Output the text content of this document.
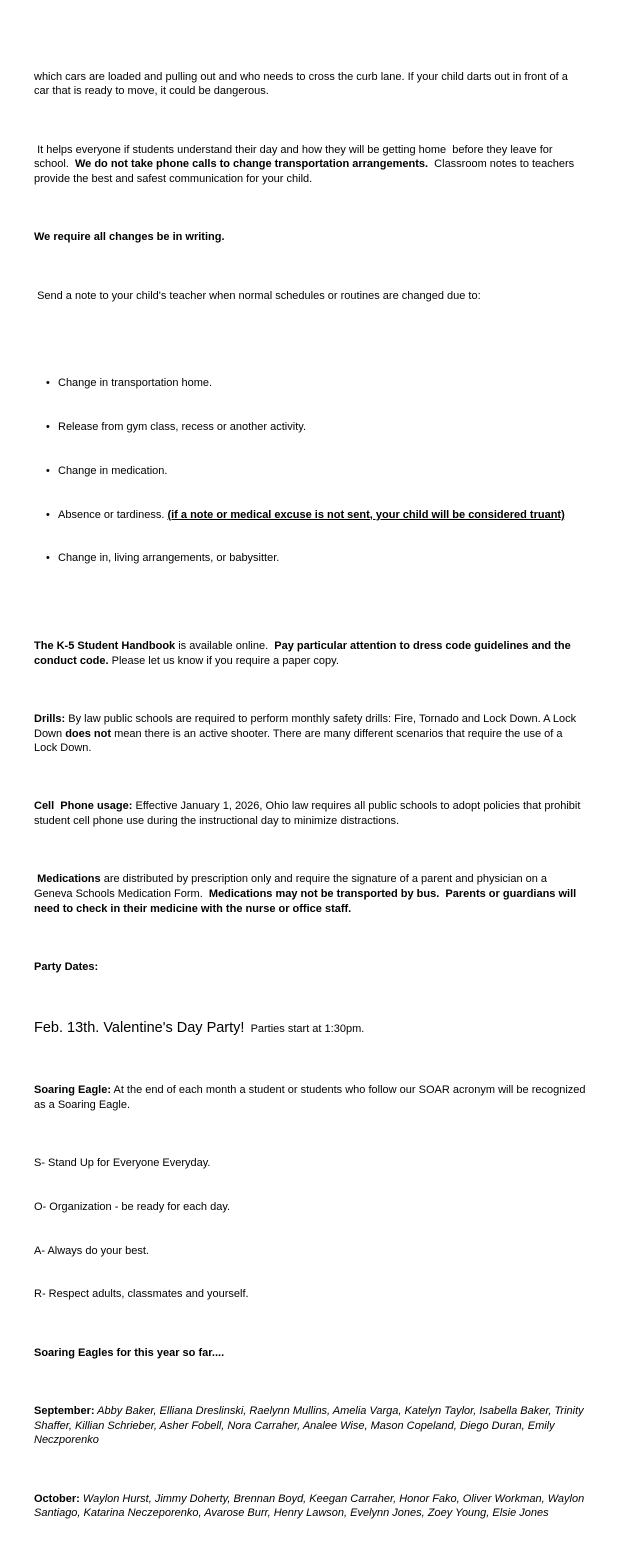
which cars are loaded and pulling out and who needs to cross the curb lane. If your child darts out in front of a car that is ready to move, it could be dangerous.

It helps everyone if students understand their day and how they will be getting home  before they leave for school.  We do not take phone calls to change transportation arrangements.  Classroom notes to teachers provide the best and safest communication for your child.

We require all changes be in writing.

Send a note to your child's teacher when normal schedules or routines are changed due to:

• Change in transportation home.

• Release from gym class, recess or another activity.

• Change in medication.

• Absence or tardiness. (if a note or medical excuse is not sent, your child will be considered truant)

• Change in, living arrangements, or babysitter.

The K-5 Student Handbook is available online.  Pay particular attention to dress code guidelines and the conduct code. Please let us know if you require a paper copy.

Drills: By law public schools are required to perform monthly safety drills: Fire, Tornado and Lock Down. A Lock Down does not mean there is an active shooter. There are many different scenarios that require the use of a Lock Down.

Cell  Phone usage: Effective January 1, 2026, Ohio law requires all public schools to adopt policies that prohibit student cell phone use during the instructional day to minimize distractions.

Medications are distributed by prescription only and require the signature of a parent and physician on a Geneva Schools Medication Form.  Medications may not be transported by bus.  Parents or guardians will need to check in their medicine with the nurse or office staff.

Party Dates:

Feb. 13th. Valentine's Day Party!  Parties start at 1:30pm.

Soaring Eagle: At the end of each month a student or students who follow our SOAR acronym will be recognized as a Soaring Eagle.

S- Stand Up for Everyone Everyday.

O- Organization - be ready for each day.

A- Always do your best.

R- Respect adults, classmates and yourself.

Soaring Eagles for this year so far....

September: Abby Baker, Elliana Dreslinski, Raelynn Mullins, Amelia Varga, Katelyn Taylor, Isabella Baker, Trinity Shaffer, Killian Schrieber, Asher Fobell, Nora Carraher, Analee Wise, Mason Copeland, Diego Duran, Emily Neczporenko

October: Waylon Hurst, Jimmy Doherty, Brennan Boyd, Keegan Carraher, Honor Fako, Oliver Workman, Waylon Santiago, Katarina Neczeporenko, Avarose Burr, Henry Lawson, Evelynn Jones, Zoey Young, Elsie Jones
